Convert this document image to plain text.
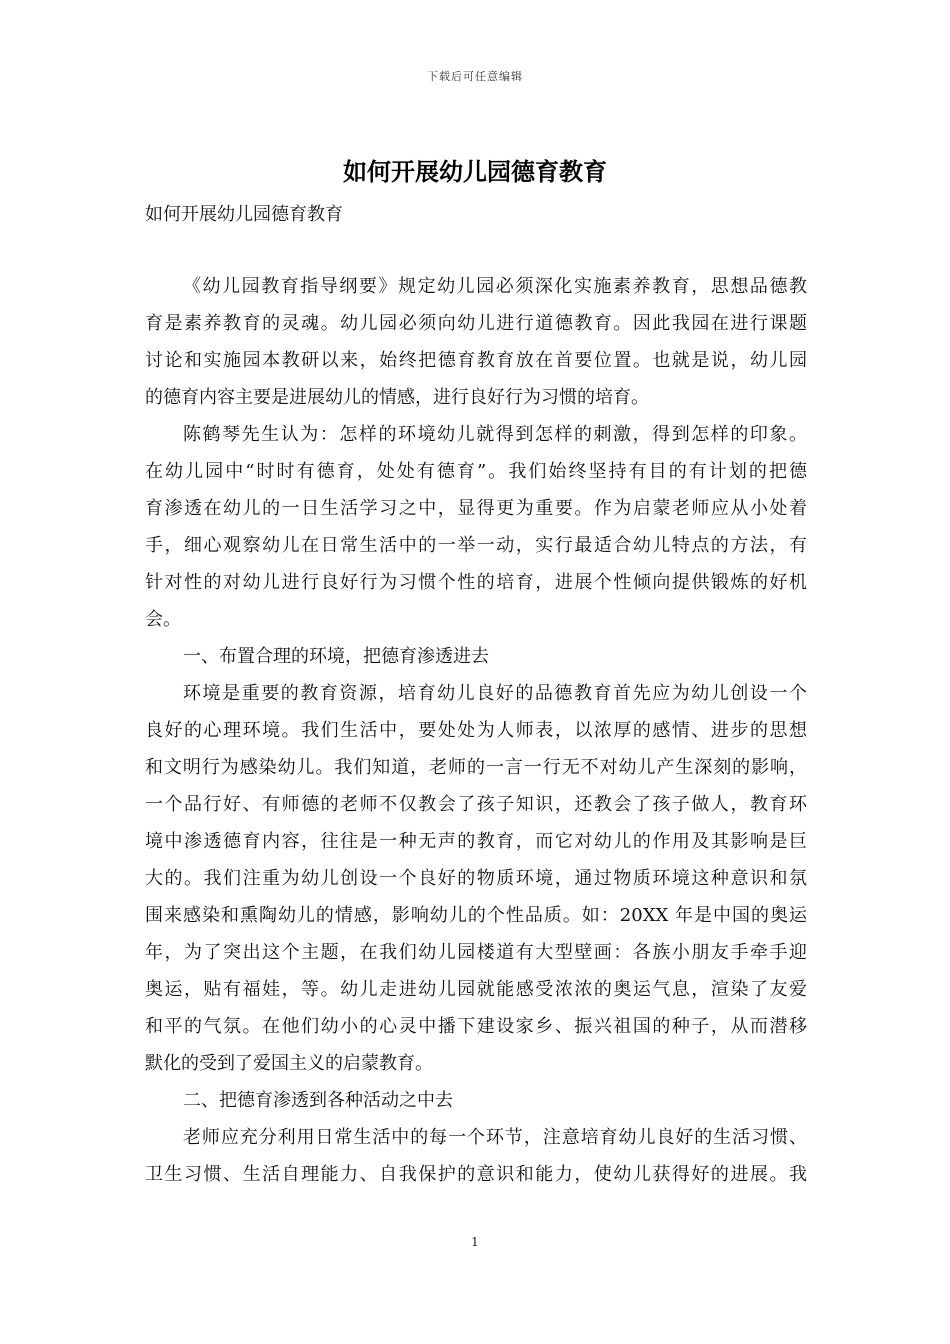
下载后可任意编辑
如何开展幼儿园德育教育
如何开展幼儿园德育教育
《幼儿园教育指导纲要》规定幼儿园必须深化实施素养教育，思想品德教
育是素养教育的灵魂。幼儿园必须向幼儿进行道德教育。因此我园在进行课题
讨论和实施园本教研以来，始终把德育教育放在首要位置。也就是说，幼儿园
的德育内容主要是进展幼儿的情感，进行良好行为习惯的培育。
陈鹤琴先生认为：怎样的环境幼儿就得到怎样的刺激，得到怎样的印象。
在幼儿园中“时时有德育，处处有德育”。我们始终坚持有目的有计划的把德
育渗透在幼儿的一日生活学习之中，显得更为重要。作为启蒙老师应从小处着
手，细心观察幼儿在日常生活中的一举一动，实行最适合幼儿特点的方法，有
针对性的对幼儿进行良好行为习惯个性的培育，进展个性倾向提供锻炼的好机
会。
一、布置合理的环境，把德育渗透进去
环境是重要的教育资源，培育幼儿良好的品德教育首先应为幼儿创设一个
良好的心理环境。我们生活中，要处处为人师表，以浓厚的感情、进步的思想
和文明行为感染幼儿。我们知道，老师的一言一行无不对幼儿产生深刻的影响，
一个品行好、有师德的老师不仅教会了孩子知识，还教会了孩子做人，教育环
境中渗透德育内容，往往是一种无声的教育，而它对幼儿的作用及其影响是巨
大的。我们注重为幼儿创设一个良好的物质环境，通过物质环境这种意识和氛
围来感染和熏陶幼儿的情感，影响幼儿的个性品质。如：20XX 年是中国的奥运
年，为了突出这个主题，在我们幼儿园楼道有大型壁画：各族小朋友手牵手迎
奥运，贴有福娃，等。幼儿走进幼儿园就能感受浓浓的奥运气息，渲染了友爱
和平的气氛。在他们幼小的心灵中播下建设家乡、振兴祖国的种子，从而潜移
默化的受到了爱国主义的启蒙教育。
二、把德育渗透到各种活动之中去
老师应充分利用日常生活中的每一个环节，注意培育幼儿良好的生活习惯、
卫生习惯、生活自理能力、自我保护的意识和能力，使幼儿获得好的进展。我
1
